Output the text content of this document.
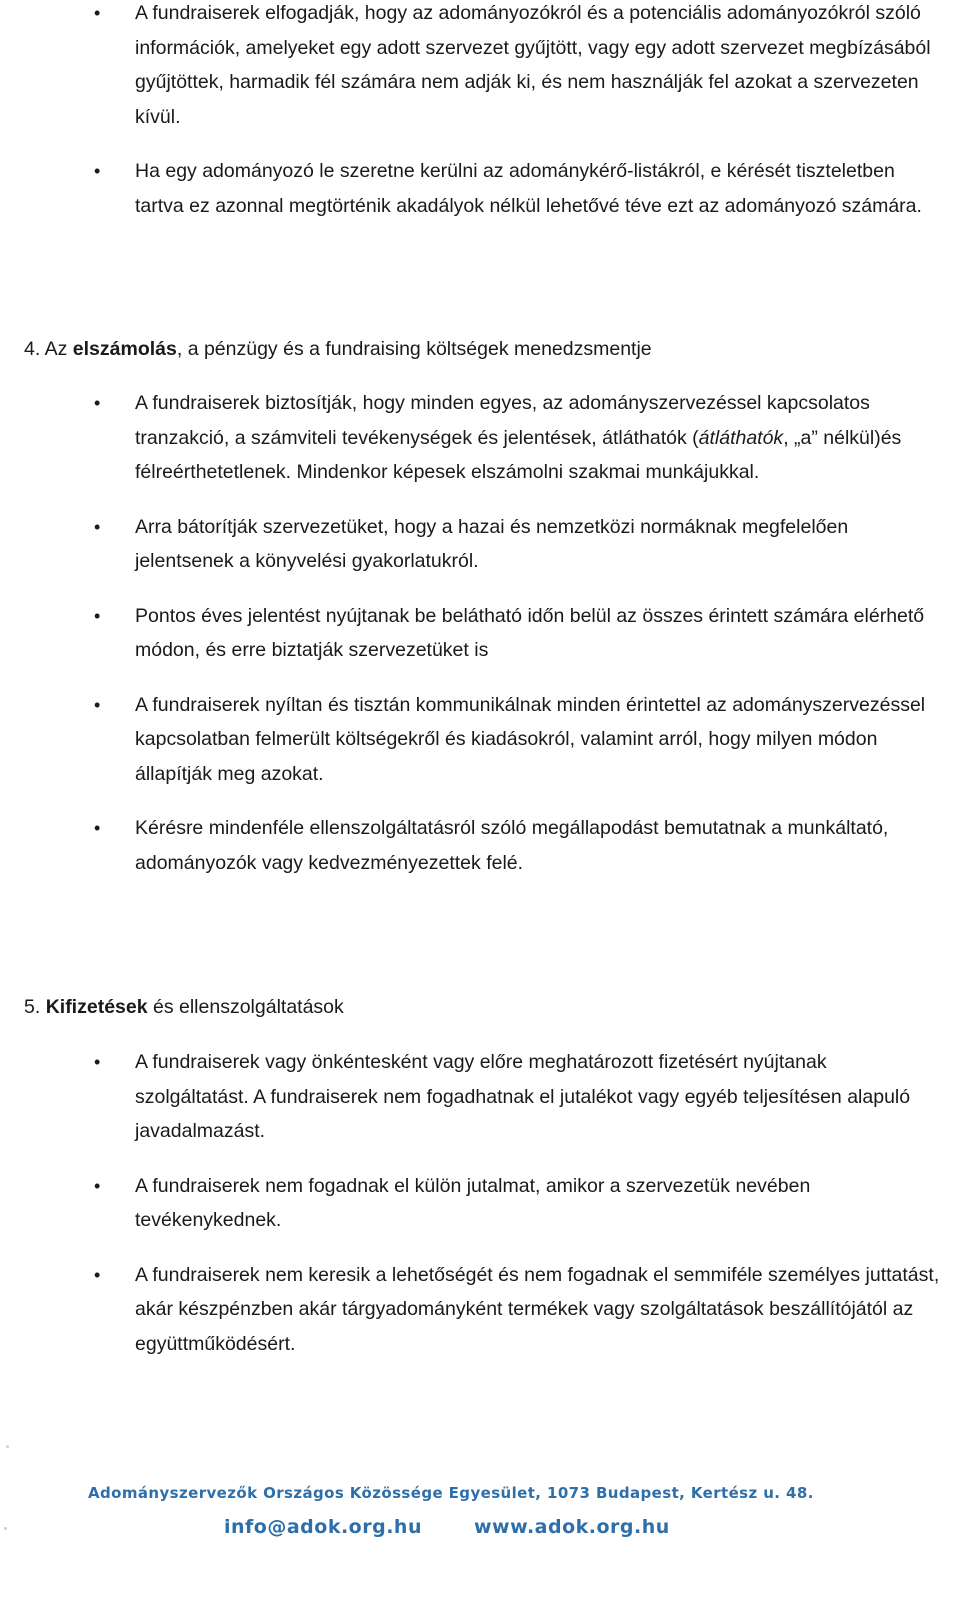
• A fundraiserek elfogadják, hogy az adományozókról és a potenciális adományozókról szóló információk, amelyeket egy adott szervezet gyűjtött, vagy egy adott szervezet megbízásából gyűjtöttek, harmadik fél számára nem adják ki, és nem használják fel azokat a szervezeten kívül.
• Ha egy adományozó le szeretne kerülni az adománykérő-listákról, e kérését tiszteletben tartva ez azonnal megtörténik akadályok nélkül lehetővé téve ezt az adományozó számára.
4. Az elszámolás, a pénzügy és a fundraising költségek menedzsmentje
• A fundraiserek biztosítják, hogy minden egyes, az adományszervezéssel kapcsolatos tranzakció, a számviteli tevékenységek és jelentések, átláthatók (átláthatók, „a” nélkül)és félreérthetetlenek. Mindenkor képesek elszámolni szakmai munkájukkal.
• Arra bátorítják szervezetüket, hogy a hazai és nemzetközi normáknak megfelelően jelentsenek a könyvelési gyakorlatukról.
• Pontos éves jelentést nyújtanak be belátható időn belül az összes érintett számára elérhető módon, és erre biztatják szervezetüket is
• A fundraiserek nyíltan és tisztán kommunikálnak minden érintettel az adományszervezéssel kapcsolatban felmerült költségekről és kiadásokról, valamint arról, hogy milyen módon állapítják meg azokat.
• Kérésre mindenféle ellenszolgáltatásról szóló megállapodást bemutatnak a munkáltató, adományozók vagy kedvezményezettek felé.
5. Kifizetések és ellenszolgáltatások
• A fundraiserek vagy önkéntesként vagy előre meghatározott fizetésért nyújtanak szolgáltatást. A fundraiserek nem fogadhatnak el jutalékot vagy egyéb teljesítésen alapuló javadalmazást.
• A fundraiserek nem fogadnak el külön jutalmat, amikor a szervezetük nevében tevékenykednek.
• A fundraiserek nem keresik a lehetőségét és nem fogadnak el semmiféle személyes juttatást, akár készpénzben akár tárgyadományként termékek vagy szolgáltatások beszállítójától az együttműködésért.
Adományszervezők Országos Közössége Egyesület, 1073 Budapest, Kertész u. 48.
info@adok.org.hu	www.adok.org.hu
